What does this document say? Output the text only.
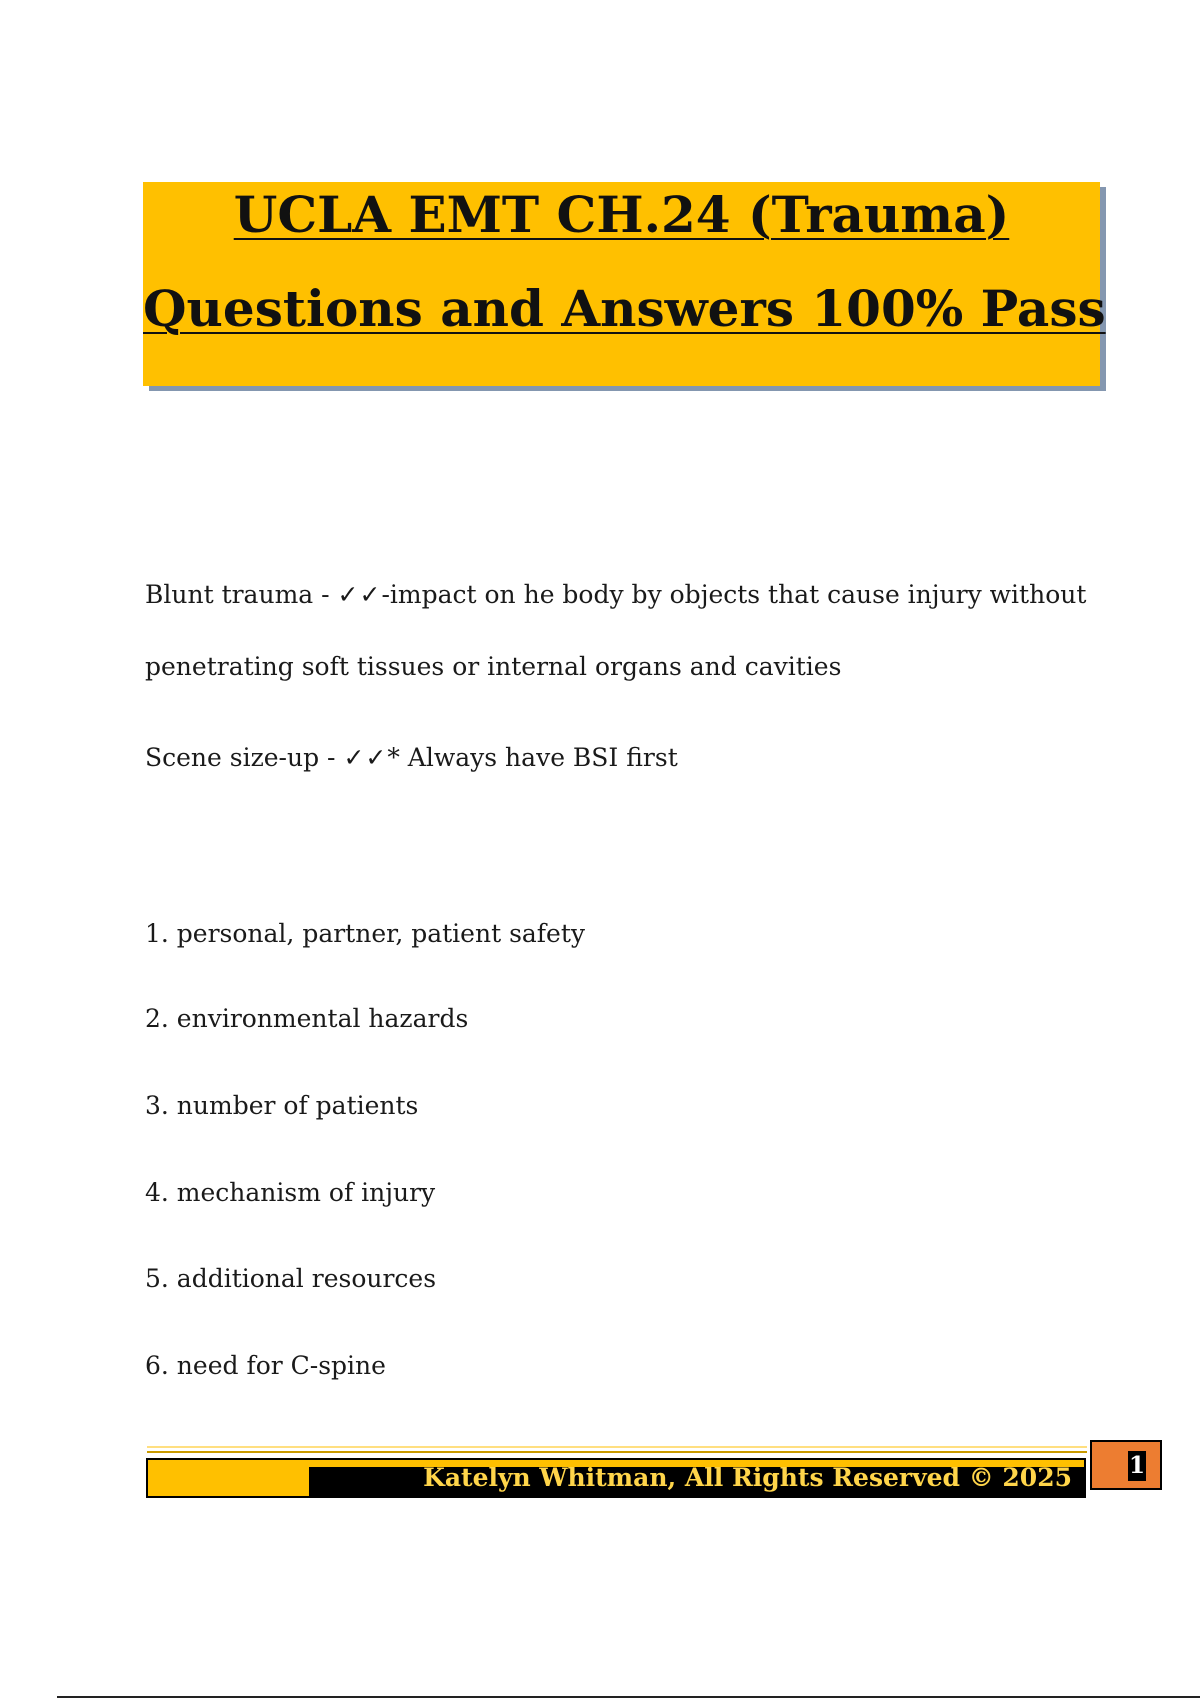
UCLA EMT CH.24 (Trauma)
Questions and Answers 100% Pass
Blunt trauma - ✓✓-impact on he body by objects that cause injury without
penetrating soft tissues or internal organs and cavities
Scene size-up - ✓✓* Always have BSI first
1. personal, partner, patient safety
2. environmental hazards
3. number of patients
4. mechanism of injury
5. additional resources
6. need for C-spine
Katelyn Whitman, All Rights Reserved © 2025 1
